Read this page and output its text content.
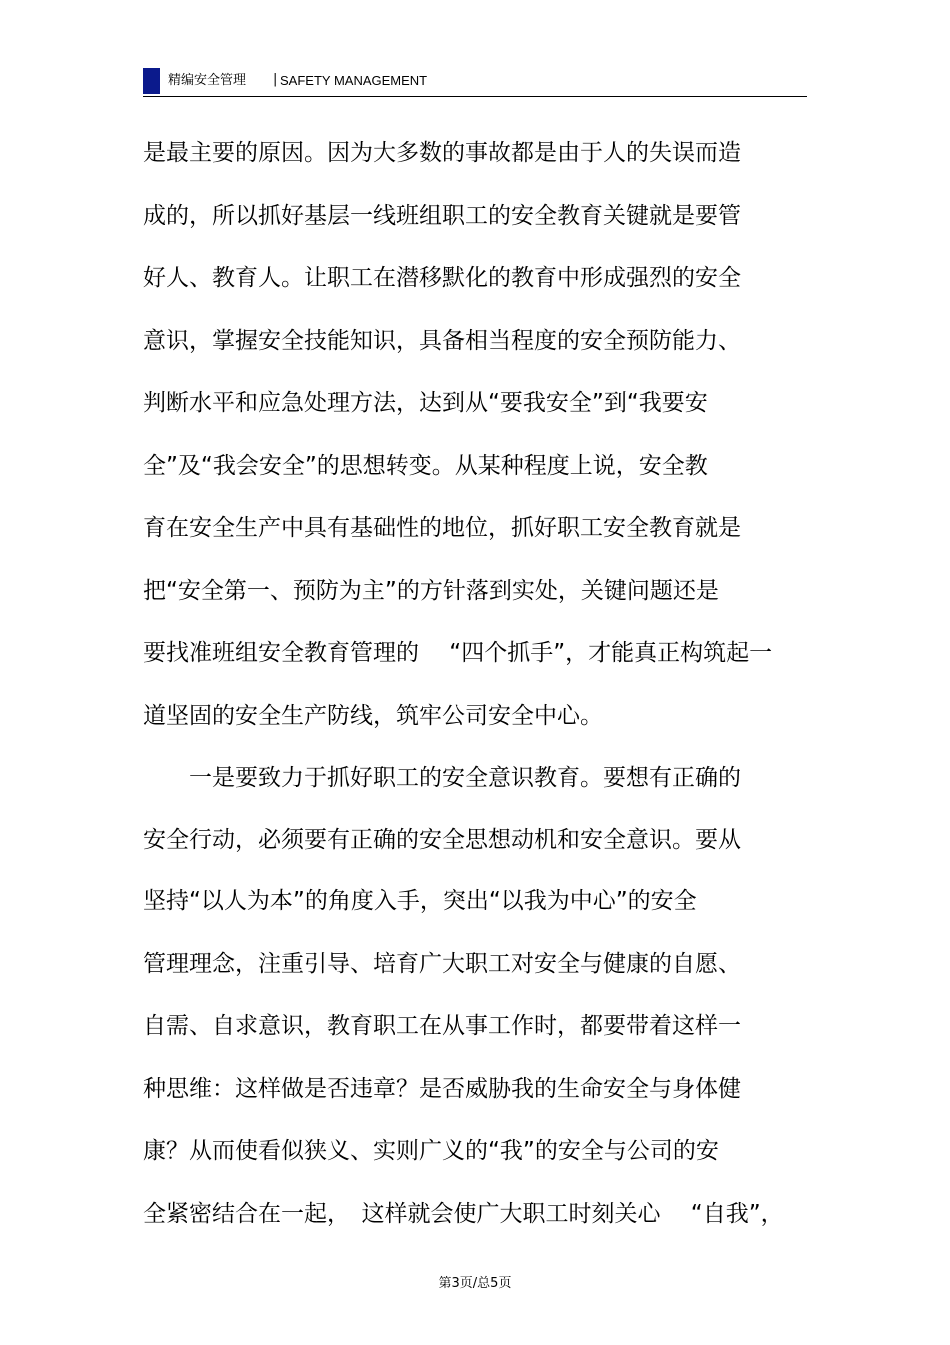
精编安全管理 | SAFETY MANAGEMENT
是最主要的原因。因为大多数的事故都是由于人的失误而造
成的，所以抓好基层一线班组职工的安全教育关键就是要管
好人、教育人。让职工在潜移默化的教育中形成强烈的安全
意识，掌握安全技能知识，具备相当程度的安全预防能力、
判断水平和应急处理方法，达到从“要我安全”到“我要安
全”及“我会安全”的思想转变。从某种程度上说，安全教
育在安全生产中具有基础性的地位，抓好职工安全教育就是
把“安全第一、预防为主”的方针落到实处，关键问题还是
要找准班组安全教育管理的　 “四个抓手”，才能真正构筑起一
道坚固的安全生产防线，筑牢公司安全中心。
　　一是要致力于抓好职工的安全意识教育。要想有正确的
安全行动，必须要有正确的安全思想动机和安全意识。要从
坚持“以人为本”的角度入手，突出“以我为中心”的安全
管理理念，注重引导、培育广大职工对安全与健康的自愿、
自需、自求意识，教育职工在从事工作时，都要带着这样一
种思维：这样做是否违章？是否威胁我的生命安全与身体健
康？从而使看似狭义、实则广义的“我”的安全与公司的安
全紧密结合在一起，　这样就会使广大职工时刻关心　 “自我”，
第3页/总5页
